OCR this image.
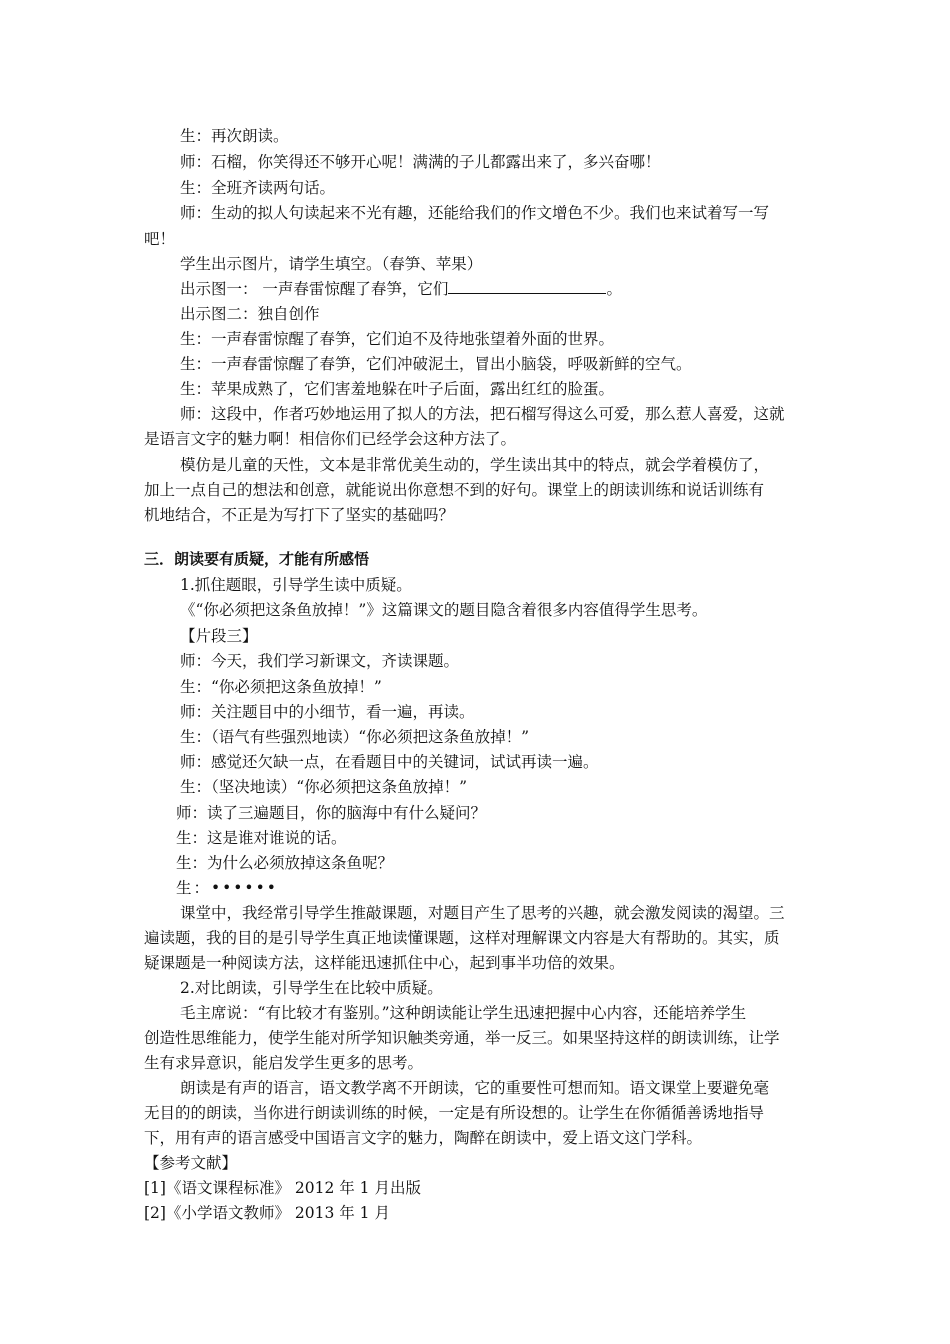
生：再次朗读。
师：石榴，你笑得还不够开心呢！满满的子儿都露出来了，多兴奋哪！
生：全班齐读两句话。
师：生动的拟人句读起来不光有趣，还能给我们的作文增色不少。我们也来试着写一写
吧！
学生出示图片，请学生填空。（春笋、苹果）
出示图一： 一声春雷惊醒了春笋，它们	。
出示图二：独自创作
生：一声春雷惊醒了春笋，它们迫不及待地张望着外面的世界。
生：一声春雷惊醒了春笋，它们冲破泥土，冒出小脑袋，呼吸新鲜的空气。
生：苹果成熟了，它们害羞地躲在叶子后面，露出红红的脸蛋。
师：这段中，作者巧妙地运用了拟人的方法，把石榴写得这么可爱，那么惹人喜爱，这就
是语言文字的魅力啊！相信你们已经学会这种方法了。
模仿是儿童的天性，文本是非常优美生动的，学生读出其中的特点，就会学着模仿了，
加上一点自己的想法和创意，就能说出你意想不到的好句。课堂上的朗读训练和说话训练有
机地结合，不正是为写打下了坚实的基础吗？
三．朗读要有质疑，才能有所感悟
1.抓住题眼，引导学生读中质疑。
《“你必须把这条鱼放掉！”》这篇课文的题目隐含着很多内容值得学生思考。
【片段三】
师：今天，我们学习新课文，齐读课题。
生：“你必须把这条鱼放掉！”
师：关注题目中的小细节，看一遍，再读。
生：（语气有些强烈地读）“你必须把这条鱼放掉！”
师：感觉还欠缺一点，在看题目中的关键词，试试再读一遍。
生：（坚决地读）“你必须把这条鱼放掉！”
师：读了三遍题目，你的脑海中有什么疑问？
生：这是谁对谁说的话。
生：为什么必须放掉这条鱼呢？
生：••••••
课堂中，我经常引导学生推敲课题，对题目产生了思考的兴趣，就会激发阅读的渴望。三
遍读题，我的目的是引导学生真正地读懂课题，这样对理解课文内容是大有帮助的。其实，质
疑课题是一种阅读方法，这样能迅速抓住中心，起到事半功倍的效果。
2.对比朗读，引导学生在比较中质疑。
毛主席说：“有比较才有鉴别。”这种朗读能让学生迅速把握中心内容，还能培养学生
创造性思维能力，使学生能对所学知识触类旁通，举一反三。如果坚持这样的朗读训练，让学
生有求异意识，能启发学生更多的思考。
朗读是有声的语言，语文教学离不开朗读，它的重要性可想而知。语文课堂上要避免毫
无目的的朗读，当你进行朗读训练的时候，一定是有所设想的。让学生在你循循善诱地指导
下，用有声的语言感受中国语言文字的魅力，陶醉在朗读中，爱上语文这门学科。
【参考文献】
[1]《语文课程标准》 2012 年 1 月出版
[2]《小学语文教师》 2013 年 1 月
